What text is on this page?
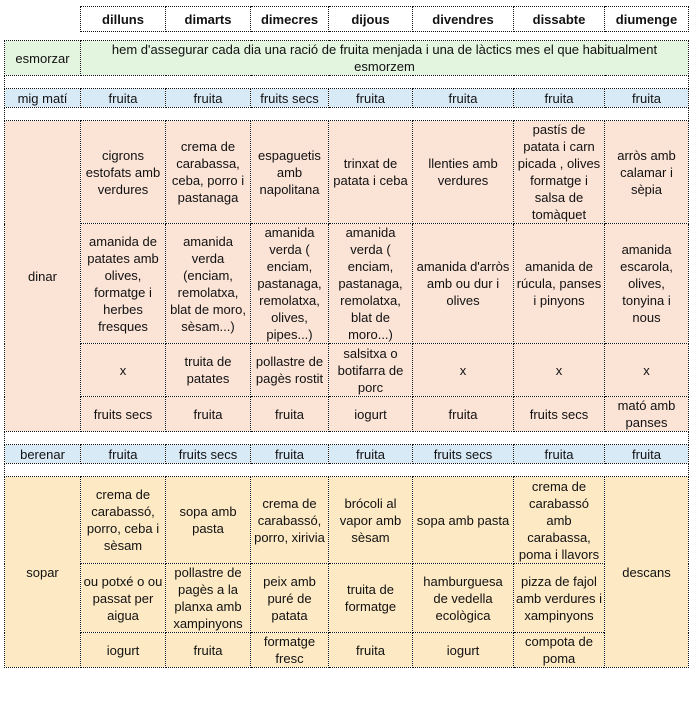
	dilluns	dimarts	dimecres	dijous	divendres	dissabte	diumenge

esmorzar	hem d'assegurar cada dia una ració de fruita menjada i una de làctics mes el que habitualment esmorzem						

mig matí	fruita	fruita	fruits secs	fruita	fruita	fruita	fruita

dinar	cigrons estofats amb verdures	crema de carabassa, ceba, porro i pastanaga	espaguetis amb napolitana	trinxat de patata i ceba	llenties amb verdures	pastís de patata i carn picada , olives formatge i salsa de tomàquet	arròs amb calamar i sèpia
	amanida de patates amb olives, formatge i herbes fresques	amanida verda (enciam, remolatxa, blat de moro, sèsam...)	amanida verda ( enciam, pastanaga, remolatxa, olives, pipes...)	amanida verda ( enciam, pastanaga, remolatxa, blat de moro...)	amanida d'arròs amb ou dur i olives	amanida de rúcula, panses i pinyons	amanida escarola, olives, tonyina i nous
	x	truita de patates	pollastre de pagès rostit	salsitxa o botifarra de porc	x	x	x
	fruits secs	fruita	fruita	iogurt	fruita	fruits secs	mató amb panses

berenar	fruita	fruits secs	fruita	fruita	fruits secs	fruita	fruita

sopar	crema de carabassó, porro, ceba i sèsam	sopa amb pasta	crema de carabassó, porro, xirivia	brócoli al vapor amb sèsam	sopa amb pasta	crema de carabassó amb carabassa, poma i llavors	descans
	ou potxé o ou passat per aigua	pollastre de pagès a la planxa amb xampinyons	peix amb puré de patata	truita de formatge	hamburguesa de vedella ecològica	pizza de fajol amb verdures i xampinyons	
	iogurt	fruita	formatge fresc	fruita	iogurt	compota de poma	
